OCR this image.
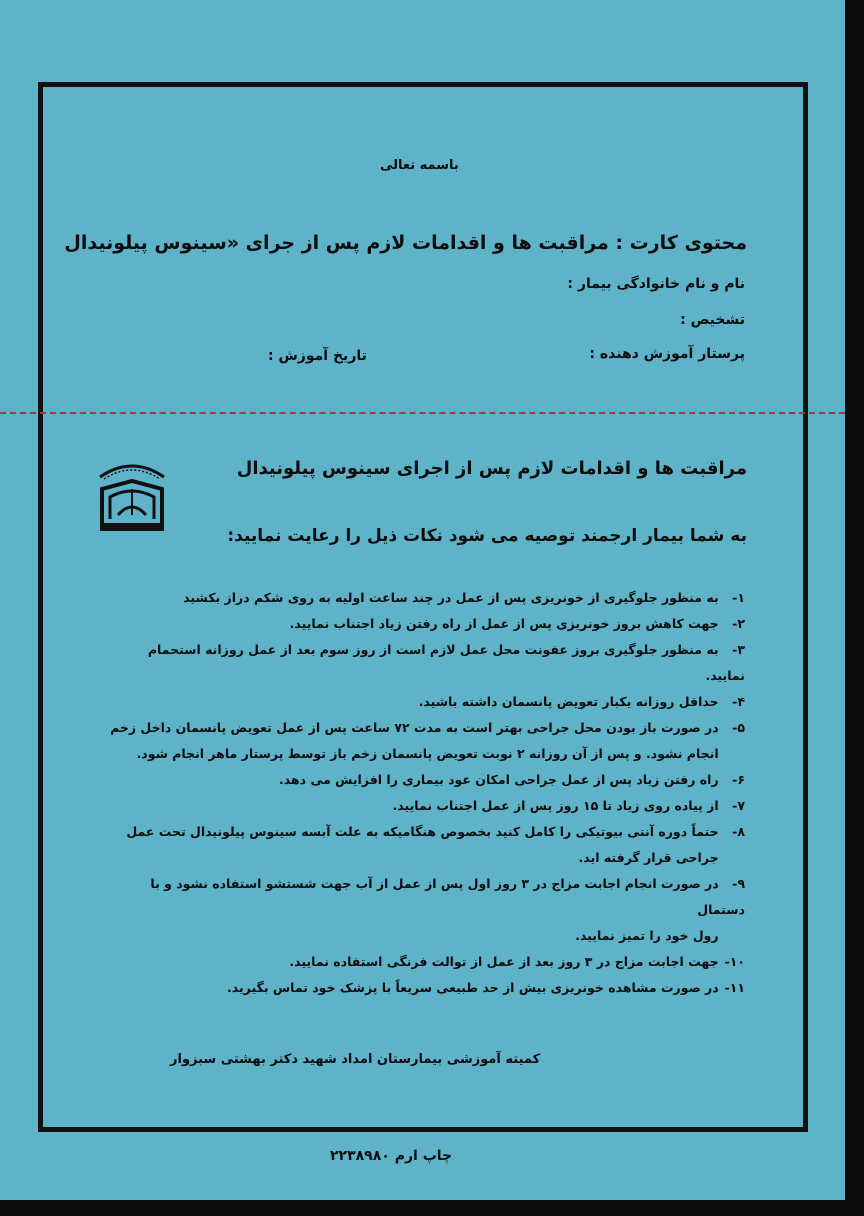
باسمه تعالی
محتوی کارت : مراقبت ها و اقدامات لازم پس از جرای «سینوس پیلونیدال
نام و نام خانوادگی بیمار :
تشخیص :
پرستار آموزش دهنده :
تاریخ آموزش :
مراقبت ها و اقدامات لازم پس از اجرای سینوس پیلونیدال
به شما بیمار ارجمند توصیه می شود نکات ذیل را رعایت نمایید:
۱- به منظور جلوگیری از خونریزی پس از عمل در چند ساعت اولیه به روی شکم دراز بکشید
۲- جهت کاهش بروز خونریزی پس از عمل از راه رفتن زیاد اجتناب نمایید.
۳- به منظور جلوگیری بروز عفونت محل عمل لازم است از روز سوم بعد از عمل روزانه استحمام نمایید.
۴- حداقل روزانه یکبار تعویض پانسمان داشته باشید.
۵- در صورت باز بودن محل جراحی بهتر است به مدت ۷۲ ساعت پس از عمل تعویض پانسمان داخل زخم
انجام نشود. و پس از آن روزانه ۲ نوبت تعویض پانسمان زخم باز توسط پرستار ماهر انجام شود.
۶- راه رفتن زیاد پس از عمل جراحی امکان عود بیماری را افزایش می دهد.
۷- از پیاده روی زیاد تا ۱۵ روز پس از عمل اجتناب نمایید.
۸- حتماً دوره آنتی بیوتیکی را کامل کنید بخصوص هنگامیکه به علت آبسه سینوس پیلونیدال تحت عمل
جراحی قرار گرفته اید.
۹- در صورت انجام اجابت مزاج در ۳ روز اول پس از عمل از آب جهت شستشو استفاده نشود و با دستمال
رول خود را تمیز نمایید.
۱۰- جهت اجابت مزاج در ۳ روز بعد از عمل از توالت فرنگی استفاده نمایید.
۱۱- در صورت مشاهده خونریزی بیش از حد طبیعی سریعاً با پزشک خود تماس بگیرید.
کمیته آموزشی بیمارستان امداد شهید دکتر بهشتی سبزوار
چاپ ارم ۲۲۳۸۹۸۰
